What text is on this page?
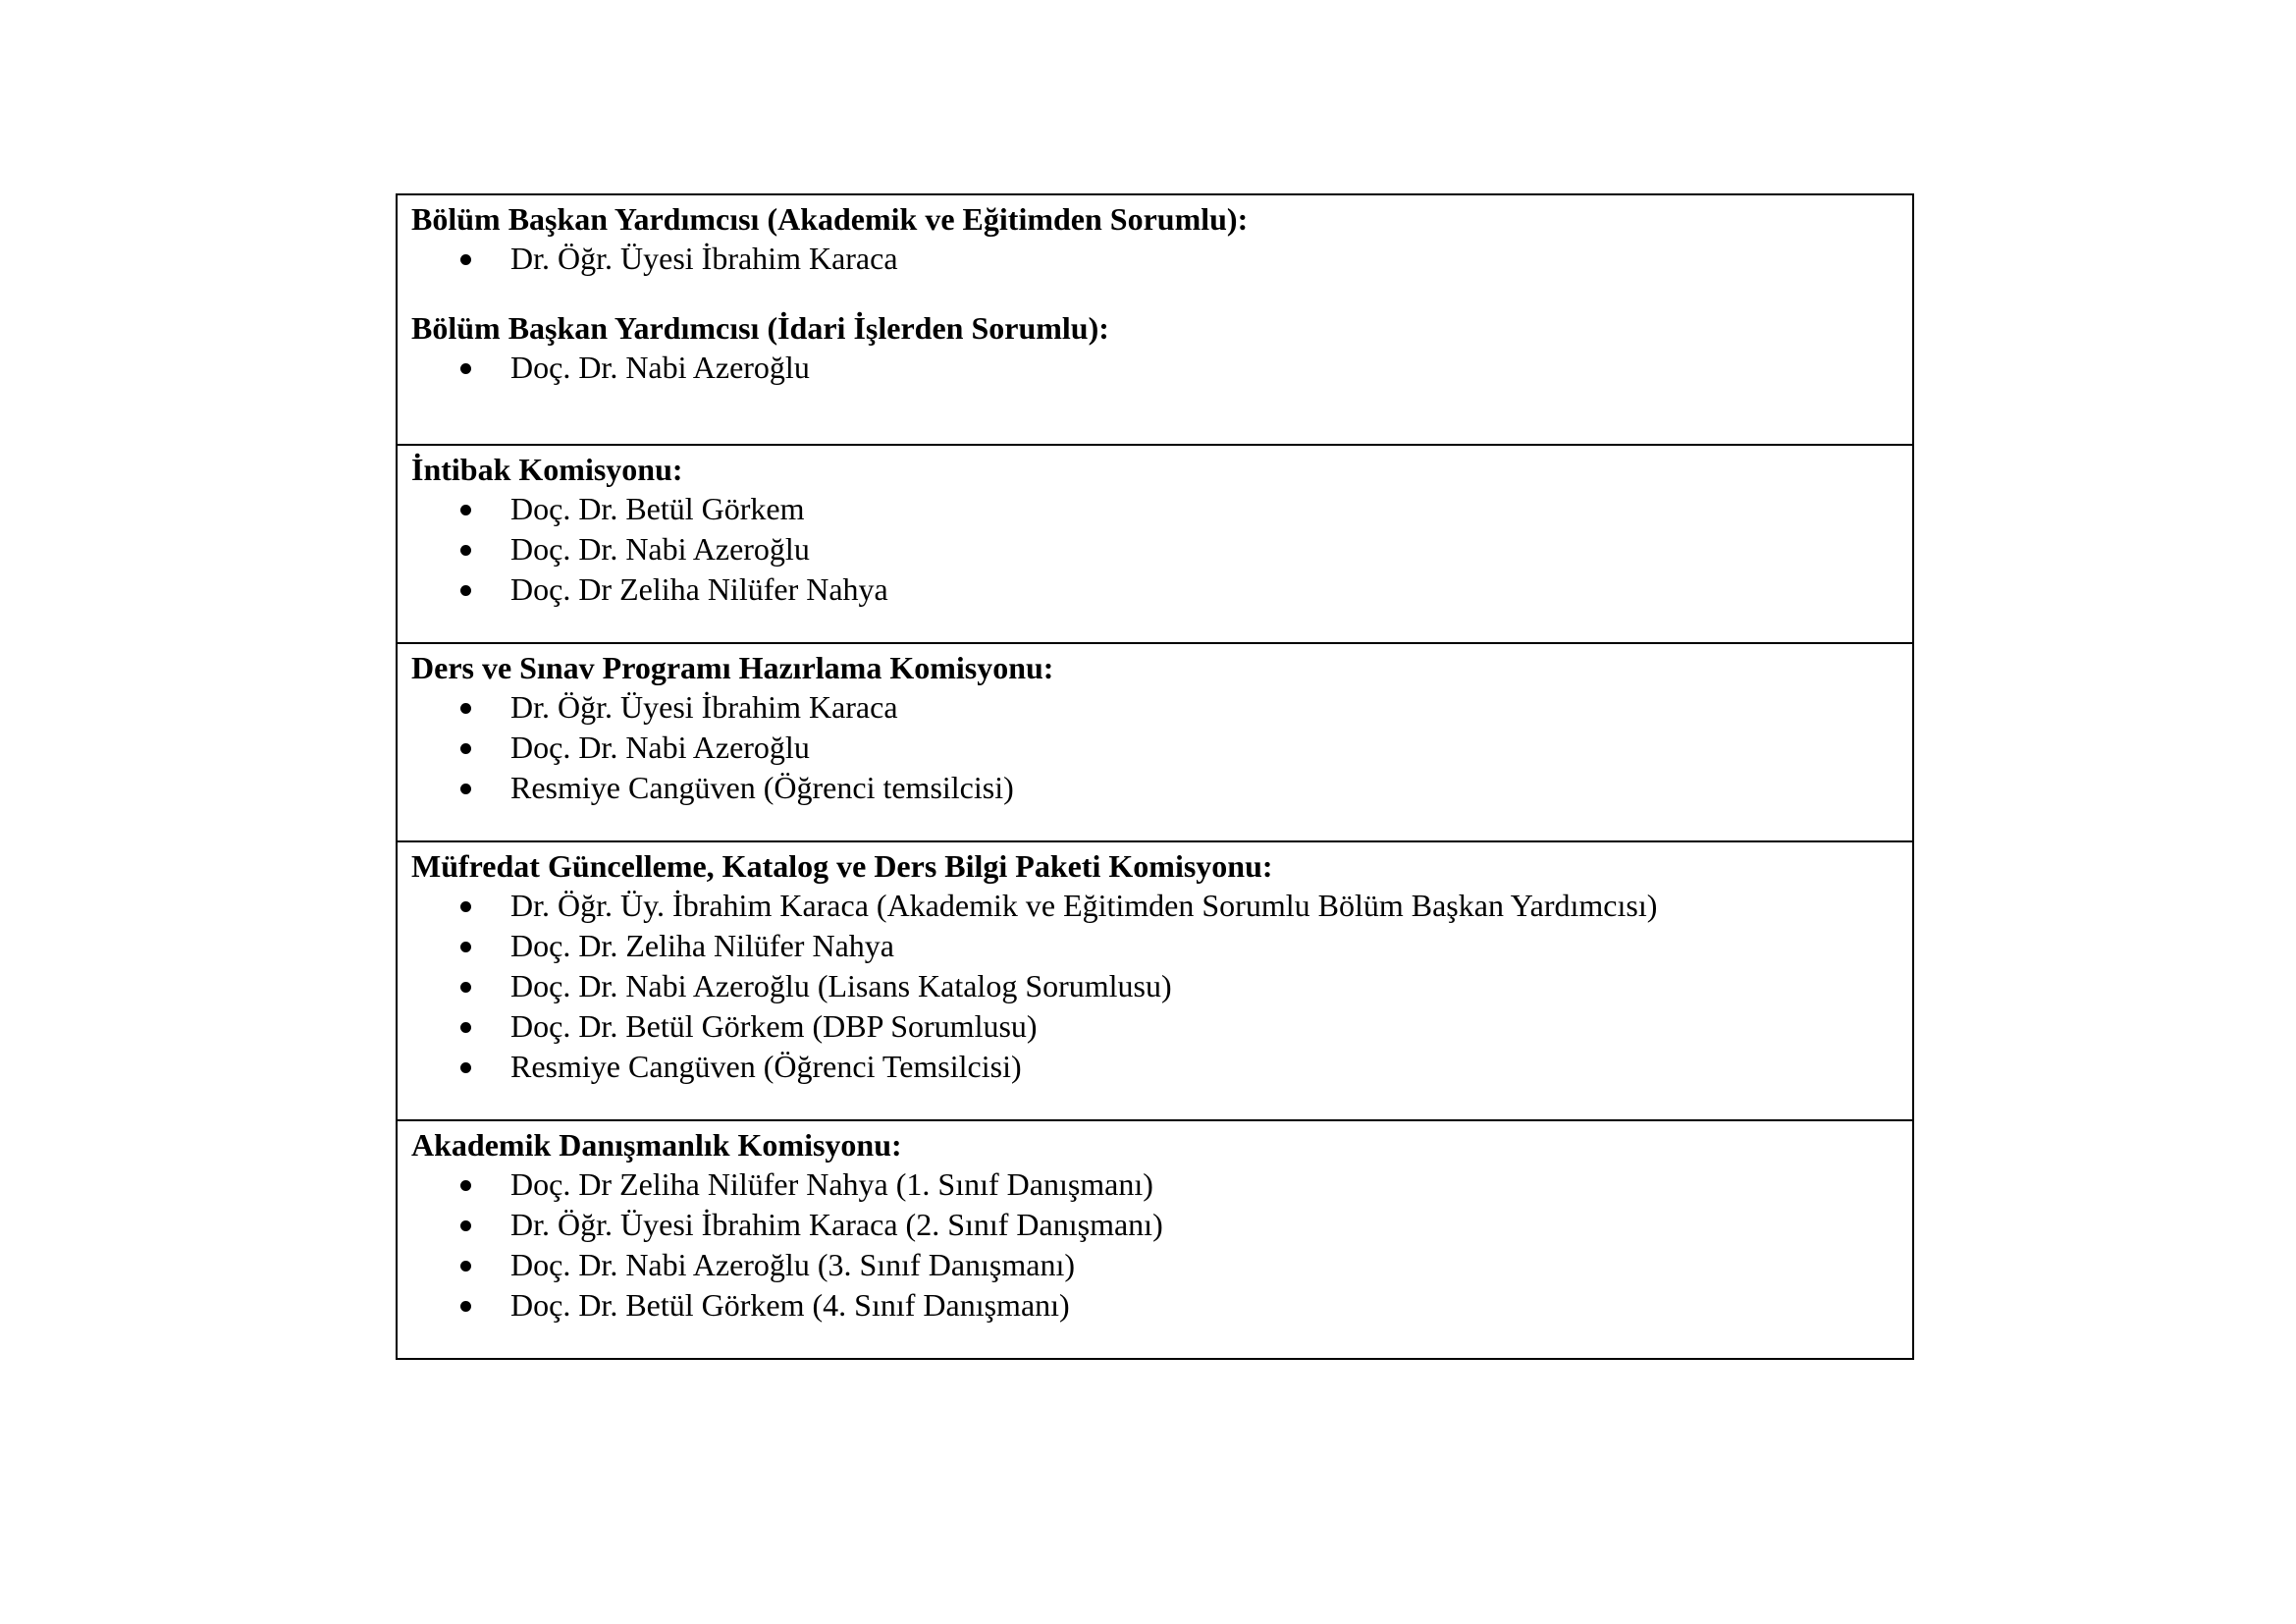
Bölüm Başkan Yardımcısı (Akademik ve Eğitimden Sorumlu):

Dr. Öğr. Üyesi İbrahim Karaca

Bölüm Başkan Yardımcısı (İdari İşlerden Sorumlu):

Doç. Dr. Nabi Azeroğlu

İntibak Komisyonu:

Doç. Dr. Betül Görkem
Doç. Dr. Nabi Azeroğlu
Doç. Dr Zeliha Nilüfer Nahya

Ders ve Sınav Programı Hazırlama Komisyonu:

Dr. Öğr. Üyesi İbrahim Karaca
Doç. Dr. Nabi Azeroğlu
Resmiye Cangüven (Öğrenci temsilcisi)

Müfredat Güncelleme, Katalog ve Ders Bilgi Paketi Komisyonu:

Dr. Öğr. Üy. İbrahim Karaca (Akademik ve Eğitimden Sorumlu Bölüm Başkan Yardımcısı)
Doç. Dr. Zeliha Nilüfer Nahya
Doç. Dr. Nabi Azeroğlu (Lisans Katalog Sorumlusu)
Doç. Dr. Betül Görkem (DBP Sorumlusu)
Resmiye Cangüven (Öğrenci Temsilcisi)

Akademik Danışmanlık Komisyonu:

Doç. Dr Zeliha Nilüfer Nahya (1. Sınıf Danışmanı)
Dr. Öğr. Üyesi İbrahim Karaca (2. Sınıf Danışmanı)
Doç. Dr. Nabi Azeroğlu (3. Sınıf Danışmanı)
Doç. Dr. Betül Görkem (4. Sınıf Danışmanı)
